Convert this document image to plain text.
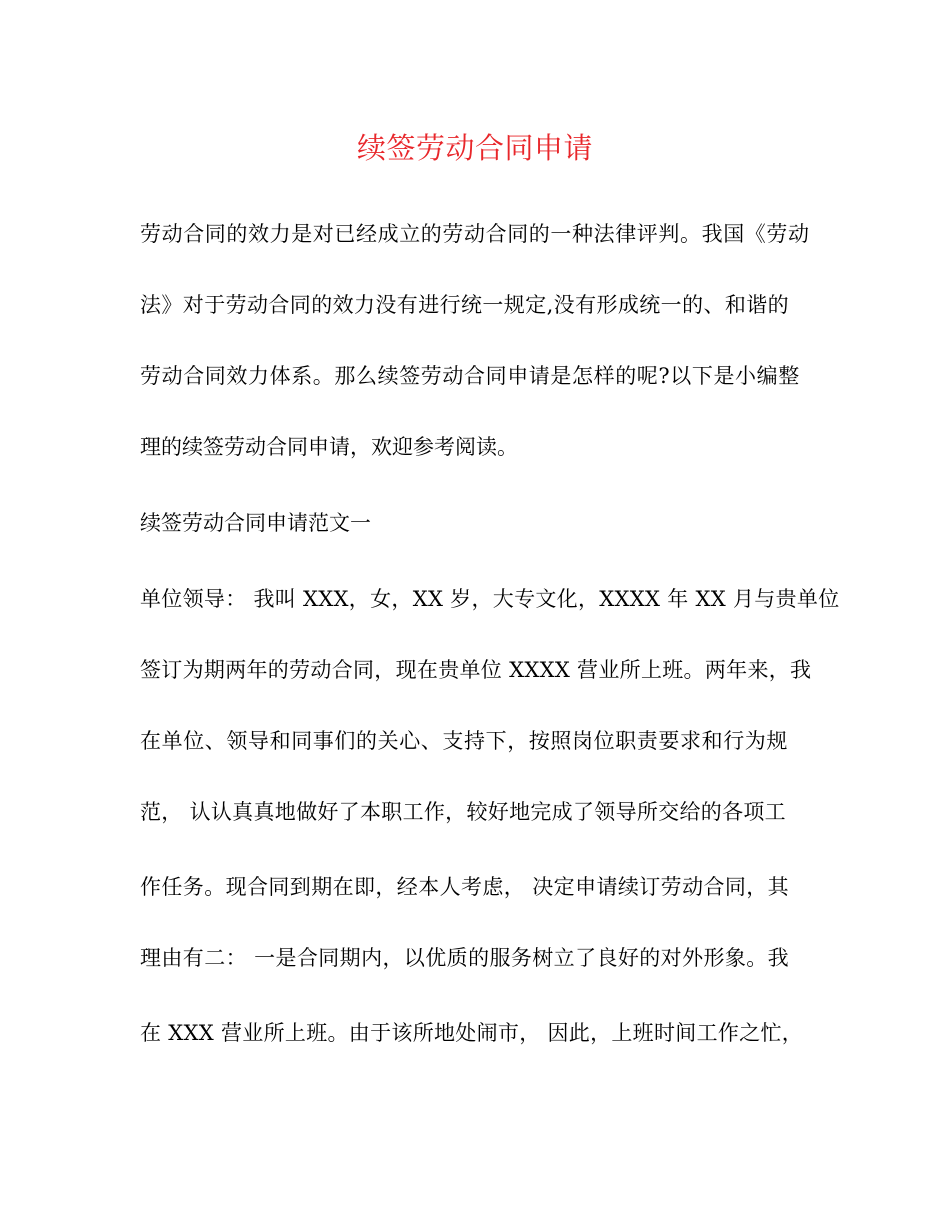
续签劳动合同申请

劳动合同的效力是对已经成立的劳动合同的一种法律评判。我国《劳动

法》对于劳动合同的效力没有进行统一规定,没有形成统一的、和谐的

劳动合同效力体系。那么续签劳动合同申请是怎样的呢?以下是小编整

理的续签劳动合同申请，欢迎参考阅读。

续签劳动合同申请范文一

单位领导： 我叫 XXX，女，XX 岁，大专文化，XXXX 年 XX 月与贵单位

签订为期两年的劳动合同，现在贵单位 XXXX 营业所上班。两年来，我

在单位、领导和同事们的关心、支持下，按照岗位职责要求和行为规

范， 认认真真地做好了本职工作，较好地完成了领导所交给的各项工

作任务。现合同到期在即，经本人考虑， 决定申请续订劳动合同，其

理由有二： 一是合同期内，以优质的服务树立了良好的对外形象。我

在 XXX 营业所上班。由于该所地处闹市， 因此，上班时间工作之忙，
